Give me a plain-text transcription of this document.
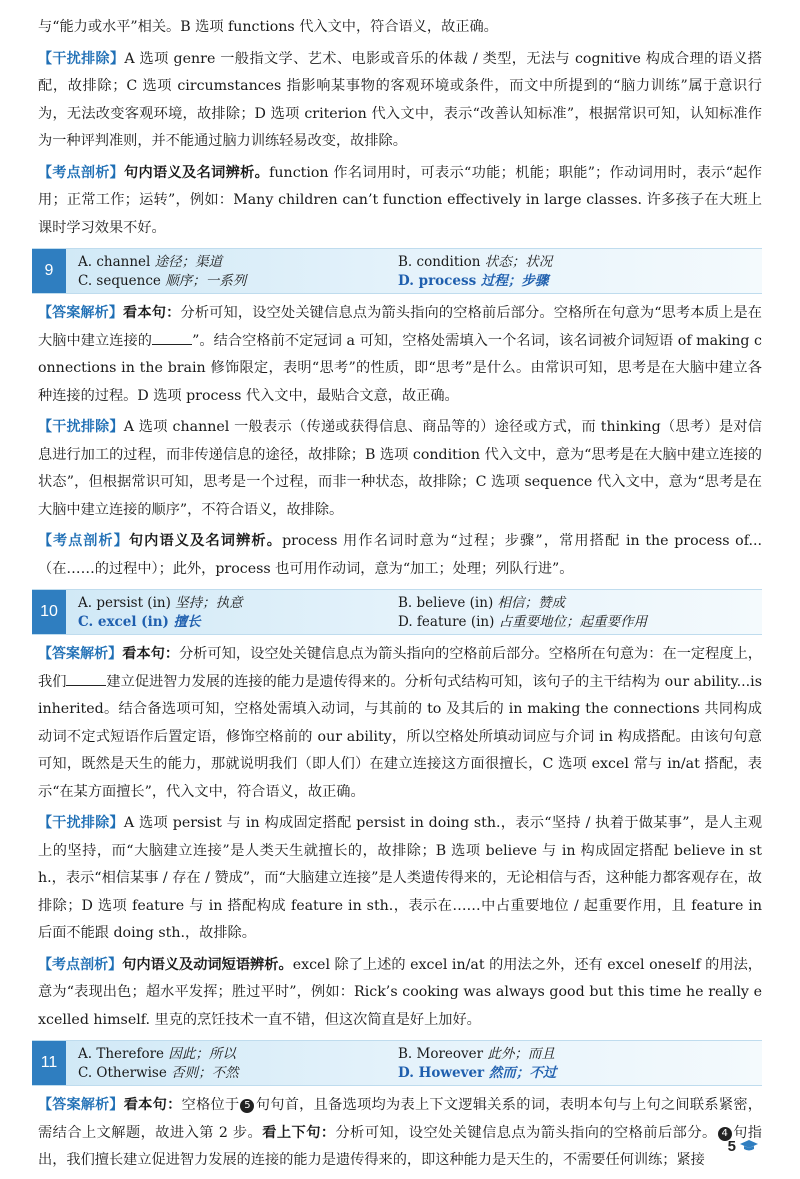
与“能力或水平”相关。B 选项 functions 代入文中，符合语义，故正确。

【干扰排除】A 选项 genre 一般指文学、艺术、电影或音乐的体裁 / 类型，无法与 cognitive 构成合理的语义搭配，故排除；C 选项 circumstances 指影响某事物的客观环境或条件，而文中所提到的“脑力训练”属于意识行为，无法改变客观环境，故排除；D 选项 criterion 代入文中，表示“改善认知标准”，根据常识可知，认知标准作为一种评判准则，并不能通过脑力训练轻易改变，故排除。

【考点剖析】句内语义及名词辨析。function 作名词用时，可表示“功能；机能；职能”；作动词用时，表示“起作用；正常工作；运转”，例如：Many children can’t function effectively in large classes. 许多孩子在大班上课时学习效果不好。

9	A. channel 途径；渠道	B. condition 状态；状况
C. sequence 顺序；一系列	D. process 过程；步骤

【答案解析】看本句：分析可知，设空处关键信息点为箭头指向的空格前后部分。空格所在句意为“思考本质上是在大脑中建立连接的	”。结合空格前不定冠词 a 可知，空格处需填入一个名词，该名词被介词短语 of making connections in the brain 修饰限定，表明“思考”的性质，即“思考”是什么。由常识可知，思考是在大脑中建立各种连接的过程。D 选项 process 代入文中，最贴合文意，故正确。

【干扰排除】A 选项 channel 一般表示（传递或获得信息、商品等的）途径或方式，而 thinking（思考）是对信息进行加工的过程，而非传递信息的途径，故排除；B 选项 condition 代入文中，意为“思考是在大脑中建立连接的状态”，但根据常识可知，思考是一个过程，而非一种状态，故排除；C 选项 sequence 代入文中，意为“思考是在大脑中建立连接的顺序”，不符合语义，故排除。

【考点剖析】句内语义及名词辨析。process 用作名词时意为“过程；步骤”，常用搭配 in the process of...（在……的过程中）；此外，process 也可用作动词，意为“加工；处理；列队行进”。

10	A. persist (in) 坚持；执意	B. believe (in) 相信；赞成
C. excel (in) 擅长	D. feature (in) 占重要地位；起重要作用

【答案解析】看本句：分析可知，设空处关键信息点为箭头指向的空格前后部分。空格所在句意为：在一定程度上，我们	建立促进智力发展的连接的能力是遗传得来的。分析句式结构可知，该句子的主干结构为 our ability...is inherited。结合备选项可知，空格处需填入动词，与其前的 to 及其后的 in making the connections 共同构成动词不定式短语作后置定语，修饰空格前的 our ability，所以空格处所填动词应与介词 in 构成搭配。由该句句意可知，既然是天生的能力，那就说明我们（即人们）在建立连接这方面很擅长，C 选项 excel 常与 in/at 搭配，表示“在某方面擅长”，代入文中，符合语义，故正确。

【干扰排除】A 选项 persist 与 in 构成固定搭配 persist in doing sth.，表示“坚持 / 执着于做某事”，是人主观上的坚持，而“大脑建立连接”是人类天生就擅长的，故排除；B 选项 believe 与 in 构成固定搭配 believe in sth.，表示“相信某事 / 存在 / 赞成”，而“大脑建立连接”是人类遗传得来的，无论相信与否，这种能力都客观存在，故排除；D 选项 feature 与 in 搭配构成 feature in sth.，表示在……中占重要地位 / 起重要作用，且 feature in 后面不能跟 doing sth.，故排除。

【考点剖析】句内语义及动词短语辨析。excel 除了上述的 excel in/at 的用法之外，还有 excel oneself 的用法，意为“表现出色；超水平发挥；胜过平时”，例如：Rick’s cooking was always good but this time he really excelled himself. 里克的烹饪技术一直不错，但这次简直是好上加好。

11	A. Therefore 因此；所以	B. Moreover 此外；而且
C. Otherwise 否则；不然	D. However 然而；不过

【答案解析】看本句：空格位于 5 句句首，且备选项均为表上下文逻辑关系的词，表明本句与上句之间联系紧密，需结合上文解题，故进入第 2 步。看上下句：分析可知，设空处关键信息点为箭头指向的空格前后部分。 4 句指出，我们擅长建立促进智力发展的连接的能力是遗传得来的，即这种能力是天生的，不需要任何训练；紧接

5
